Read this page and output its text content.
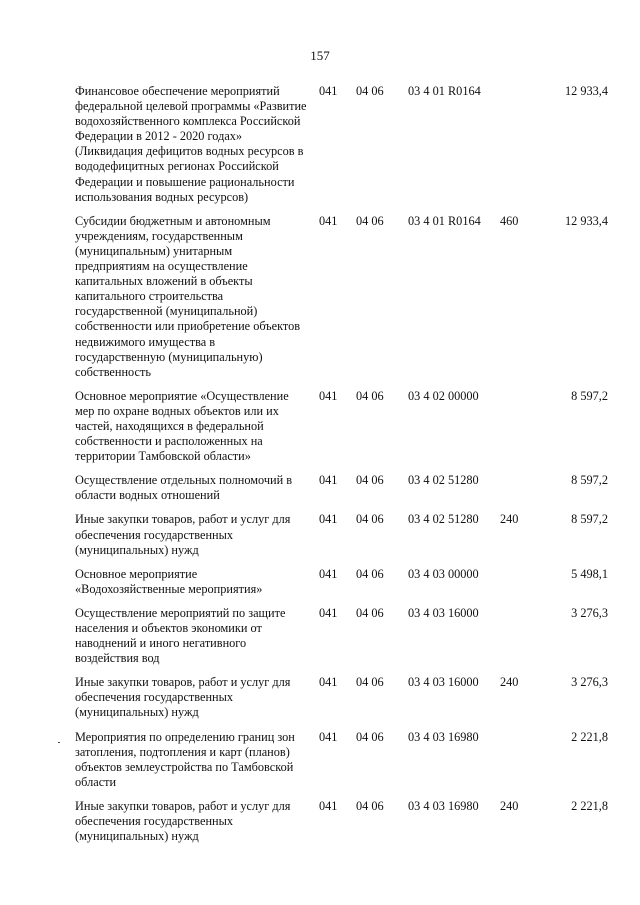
157
Финансовое обеспечение мероприятий федеральной целевой программы «Развитие водохозяйственного комплекса Российской Федерации в 2012 - 2020 годах» (Ликвидация дефицитов водных ресурсов в вододефицитных регионах Российской Федерации и повышение рациональности использования водных ресурсов)
041	04 06	03 4 01 R0164	12 933,4
Субсидии бюджетным и автономным учреждениям, государственным (муниципальным) унитарным предприятиям на осуществление капитальных вложений в объекты капитального строительства государственной (муниципальной) собственности или приобретение объектов недвижимого имущества в государственную (муниципальную) собственность
041	04 06	03 4 01 R0164	460	12 933,4
Основное мероприятие «Осуществление мер по охране водных объектов или их частей, находящихся в федеральной собственности и расположенных на территории Тамбовской области»
041	04 06	03 4 02 00000	8 597,2
Осуществление отдельных полномочий в области водных отношений
041	04 06	03 4 02 51280	8 597,2
Иные закупки товаров, работ и услуг для обеспечения государственных (муниципальных) нужд
041	04 06	03 4 02 51280	240	8 597,2
Основное мероприятие «Водохозяйственные мероприятия»
041	04 06	03 4 03 00000	5 498,1
Осуществление мероприятий по защите населения и объектов экономики от наводнений и иного негативного воздействия вод
041	04 06	03 4 03 16000	3 276,3
Иные закупки товаров, работ и услуг для обеспечения государственных (муниципальных) нужд
041	04 06	03 4 03 16000	240	3 276,3
Мероприятия по определению границ зон затопления, подтопления и карт (планов) объектов землеустройства по Тамбовской области
041	04 06	03 4 03 16980	2 221,8
Иные закупки товаров, работ и услуг для обеспечения государственных (муниципальных) нужд
041	04 06	03 4 03 16980	240	2 221,8
